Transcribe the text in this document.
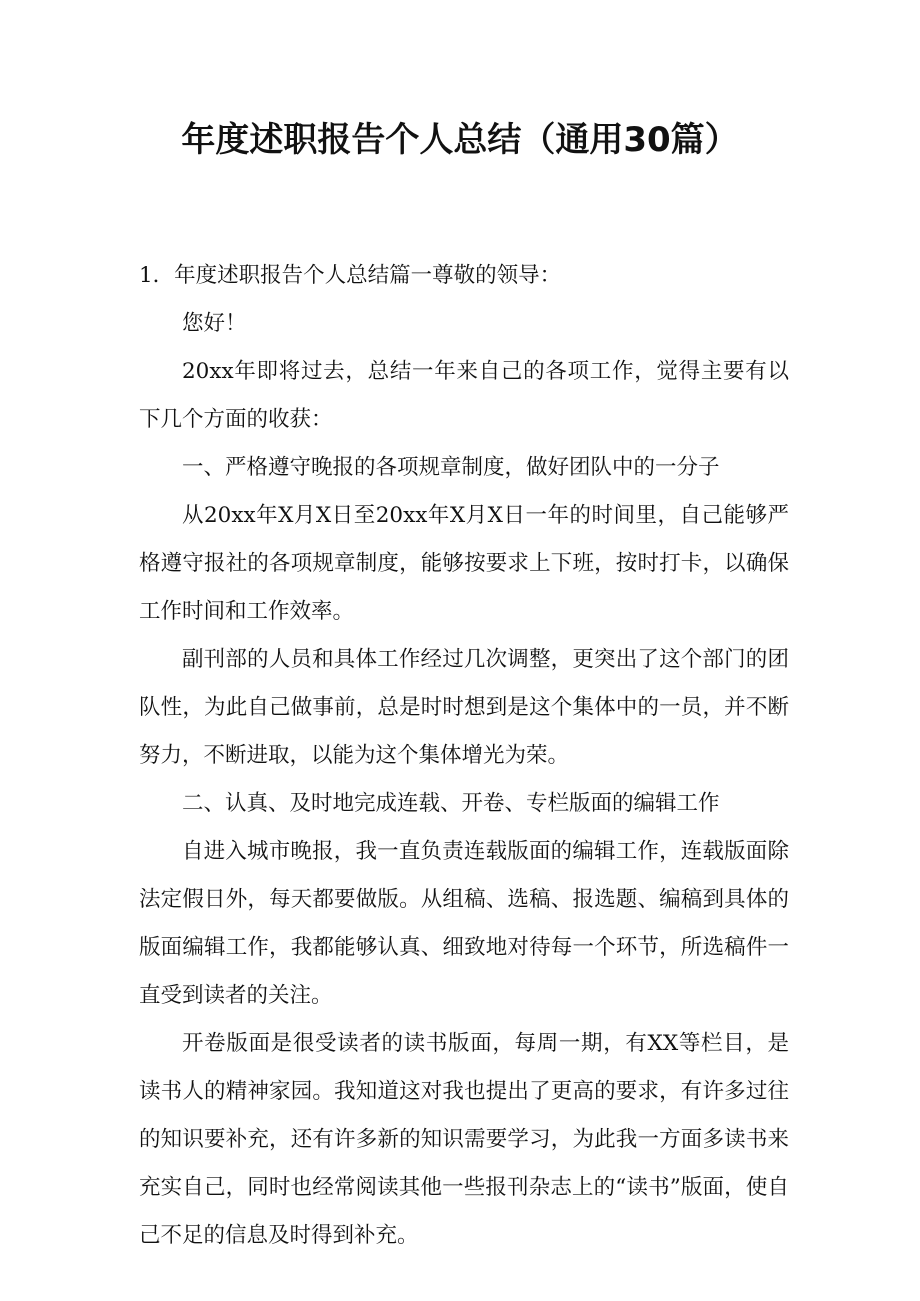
年度述职报告个人总结（通用30篇）

1．年度述职报告个人总结篇一尊敬的领导：

您好！

20xx年即将过去，总结一年来自己的各项工作，觉得主要有以下几个方面的收获：

一、严格遵守晚报的各项规章制度，做好团队中的一分子

从20xx年X月X日至20xx年X月X日一年的时间里，自己能够严格遵守报社的各项规章制度，能够按要求上下班，按时打卡，以确保工作时间和工作效率。

副刊部的人员和具体工作经过几次调整，更突出了这个部门的团队性，为此自己做事前，总是时时想到是这个集体中的一员，并不断努力，不断进取，以能为这个集体增光为荣。

二、认真、及时地完成连载、开卷、专栏版面的编辑工作

自进入城市晚报，我一直负责连载版面的编辑工作，连载版面除法定假日外，每天都要做版。从组稿、选稿、报选题、编稿到具体的版面编辑工作，我都能够认真、细致地对待每一个环节，所选稿件一直受到读者的关注。

开卷版面是很受读者的读书版面，每周一期，有XX等栏目，是读书人的精神家园。我知道这对我也提出了更高的要求，有许多过往的知识要补充，还有许多新的知识需要学习，为此我一方面多读书来充实自己，同时也经常阅读其他一些报刊杂志上的“读书”版面，使自己不足的信息及时得到补充。
